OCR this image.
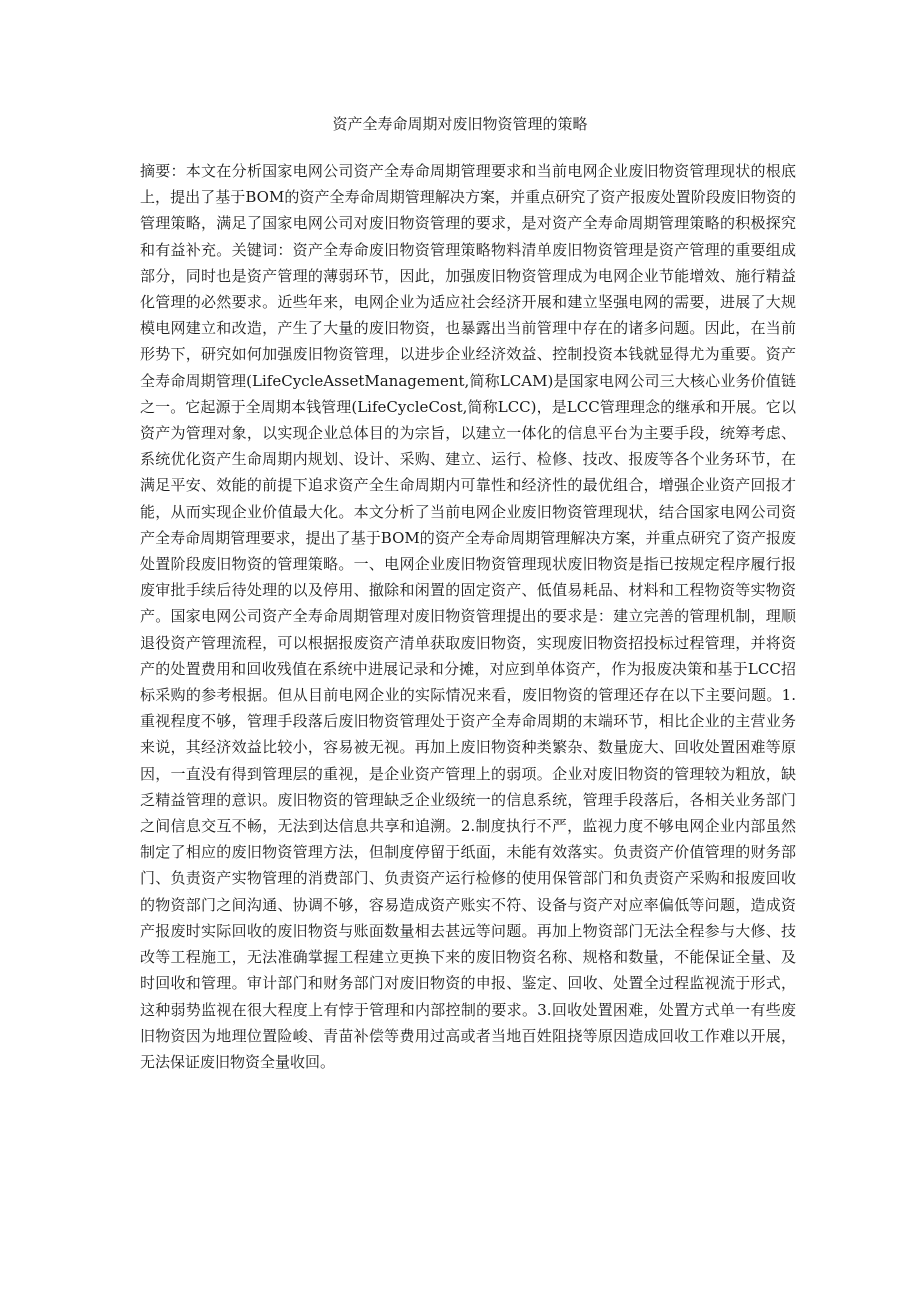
资产全寿命周期对废旧物资管理的策略

摘要：本文在分析国家电网公司资产全寿命周期管理要求和当前电网企业废旧物资管理现状的根底上，提出了基于BOM的资产全寿命周期管理解决方案，并重点研究了资产报废处置阶段废旧物资的管理策略，满足了国家电网公司对废旧物资管理的要求，是对资产全寿命周期管理策略的积极探究和有益补充。关键词：资产全寿命废旧物资管理策略物料清单废旧物资管理是资产管理的重要组成部分，同时也是资产管理的薄弱环节，因此，加强废旧物资管理成为电网企业节能增效、施行精益化管理的必然要求。近些年来，电网企业为适应社会经济开展和建立坚强电网的需要，进展了大规模电网建立和改造，产生了大量的废旧物资，也暴露出当前管理中存在的诸多问题。因此，在当前形势下，研究如何加强废旧物资管理，以进步企业经济效益、控制投资本钱就显得尤为重要。资产全寿命周期管理(LifeCycleAssetManagement,简称LCAM)是国家电网公司三大核心业务价值链之一。它起源于全周期本钱管理(LifeCycleCost,简称LCC)，是LCC管理理念的继承和开展。它以资产为管理对象，以实现企业总体目的为宗旨，以建立一体化的信息平台为主要手段，统筹考虑、系统优化资产生命周期内规划、设计、采购、建立、运行、检修、技改、报废等各个业务环节，在满足平安、效能的前提下追求资产全生命周期内可靠性和经济性的最优组合，增强企业资产回报才能，从而实现企业价值最大化。本文分析了当前电网企业废旧物资管理现状，结合国家电网公司资产全寿命周期管理要求，提出了基于BOM的资产全寿命周期管理解决方案，并重点研究了资产报废处置阶段废旧物资的管理策略。一、电网企业废旧物资管理现状废旧物资是指已按规定程序履行报废审批手续后待处理的以及停用、撤除和闲置的固定资产、低值易耗品、材料和工程物资等实物资产。国家电网公司资产全寿命周期管理对废旧物资管理提出的要求是：建立完善的管理机制，理顺退役资产管理流程，可以根据报废资产清单获取废旧物资，实现废旧物资招投标过程管理，并将资产的处置费用和回收残值在系统中进展记录和分摊，对应到单体资产，作为报废决策和基于LCC招标采购的参考根据。但从目前电网企业的实际情况来看，废旧物资的管理还存在以下主要问题。1.重视程度不够，管理手段落后废旧物资管理处于资产全寿命周期的末端环节，相比企业的主营业务来说，其经济效益比较小，容易被无视。再加上废旧物资种类繁杂、数量庞大、回收处置困难等原因，一直没有得到管理层的重视，是企业资产管理上的弱项。企业对废旧物资的管理较为粗放，缺乏精益管理的意识。废旧物资的管理缺乏企业级统一的信息系统，管理手段落后，各相关业务部门之间信息交互不畅，无法到达信息共享和追溯。2.制度执行不严，监视力度不够电网企业内部虽然制定了相应的废旧物资管理方法，但制度停留于纸面，未能有效落实。负责资产价值管理的财务部门、负责资产实物管理的消费部门、负责资产运行检修的使用保管部门和负责资产采购和报废回收的物资部门之间沟通、协调不够，容易造成资产账实不符、设备与资产对应率偏低等问题，造成资产报废时实际回收的废旧物资与账面数量相去甚远等问题。再加上物资部门无法全程参与大修、技改等工程施工，无法准确掌握工程建立更换下来的废旧物资名称、规格和数量，不能保证全量、及时回收和管理。审计部门和财务部门对废旧物资的申报、鉴定、回收、处置全过程监视流于形式，这种弱势监视在很大程度上有悖于管理和内部控制的要求。3.回收处置困难，处置方式单一有些废旧物资因为地理位置险峻、青苗补偿等费用过高或者当地百姓阻挠等原因造成回收工作难以开展，无法保证废旧物资全量收回。
